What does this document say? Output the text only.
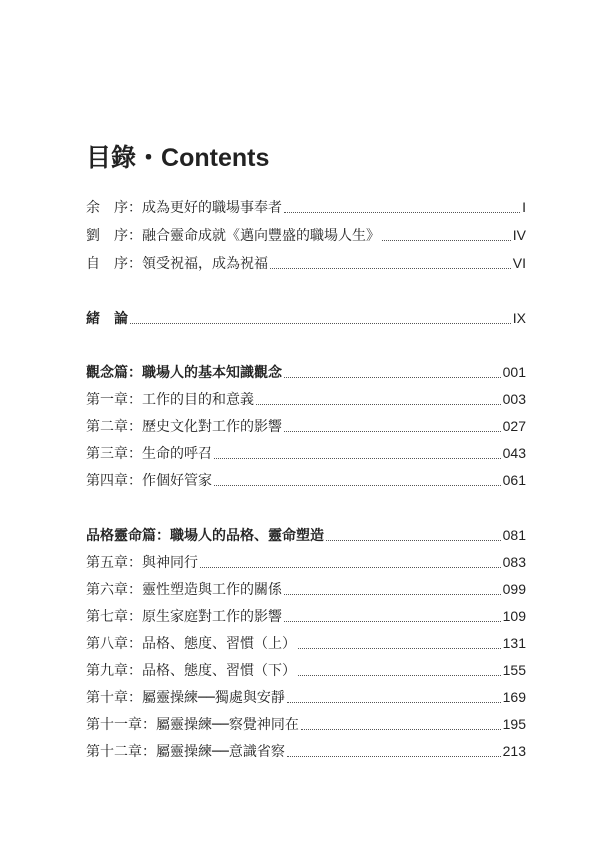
目錄・Contents
余　序：成為更好的職場事奉者	I
劉　序：融合靈命成就《邁向豐盛的職場人生》	IV
自　序：領受祝福，成為祝福	VI
緒　論	IX
觀念篇：職場人的基本知識觀念	001
第一章：工作的目的和意義	003
第二章：歷史文化對工作的影響	027
第三章：生命的呼召	043
第四章：作個好管家	061
品格靈命篇：職場人的品格、靈命塑造	081
第五章：與神同行	083
第六章：靈性塑造與工作的關係	099
第七章：原生家庭對工作的影響	109
第八章：品格、態度、習慣（上）	131
第九章：品格、態度、習慣（下）	155
第十章：屬靈操練──獨處與安靜	169
第十一章：屬靈操練──察覺神同在	195
第十二章：屬靈操練──意識省察	213
